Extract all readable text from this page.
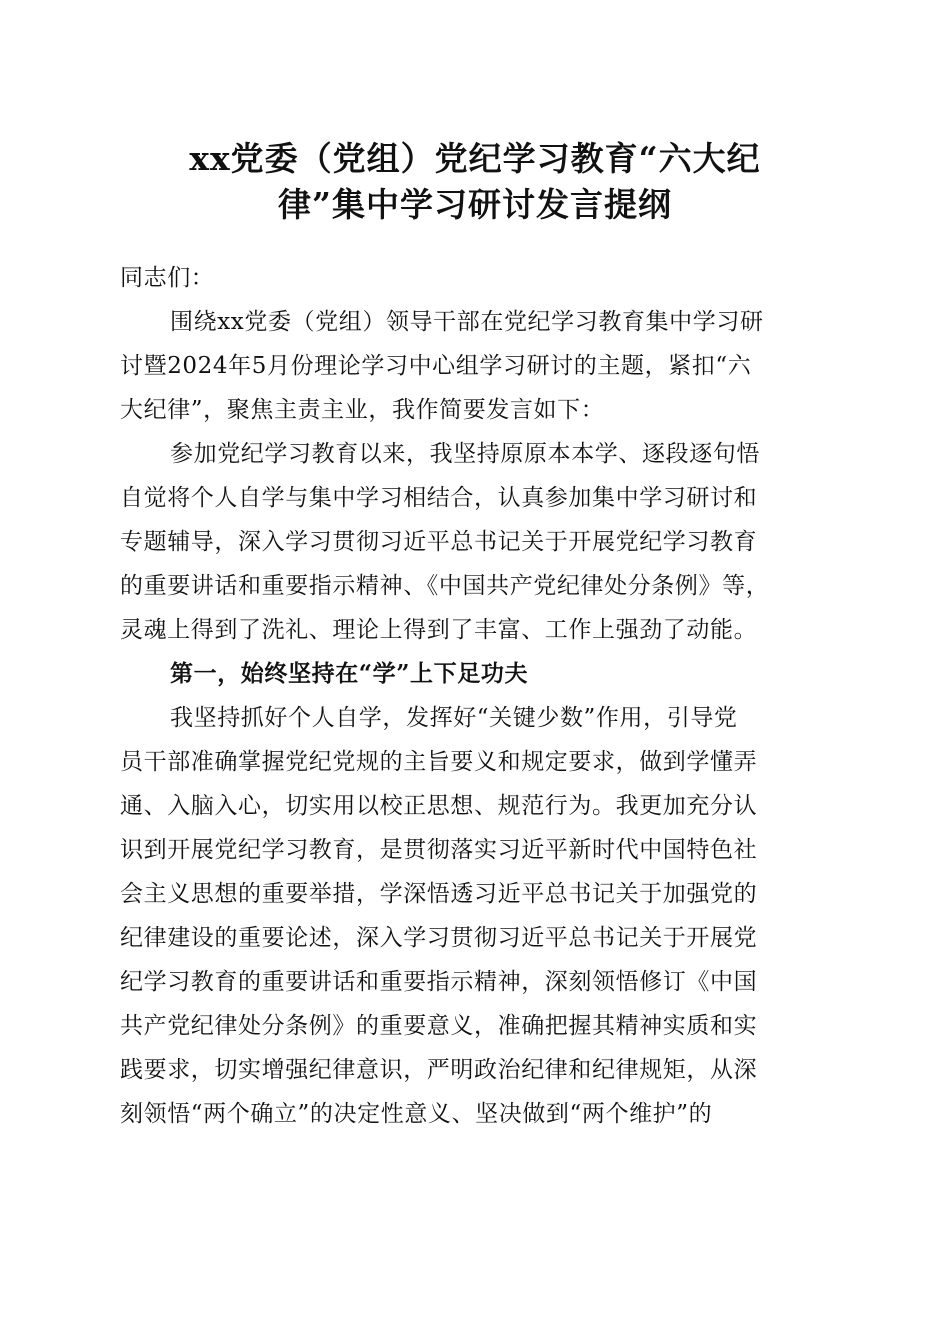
xx党委（党组）党纪学习教育“六大纪
律”集中学习研讨发言提纲
同志们：
围绕xx党委（党组）领导干部在党纪学习教育集中学习研
讨暨2024年5月份理论学习中心组学习研讨的主题，紧扣“六
大纪律”，聚焦主责主业，我作简要发言如下：
参加党纪学习教育以来，我坚持原原本本学、逐段逐句悟
自觉将个人自学与集中学习相结合，认真参加集中学习研讨和
专题辅导，深入学习贯彻习近平总书记关于开展党纪学习教育
的重要讲话和重要指示精神、《中国共产党纪律处分条例》等，
灵魂上得到了洗礼、理论上得到了丰富、工作上强劲了动能。
第一，始终坚持在“学”上下足功夫
我坚持抓好个人自学，发挥好“关键少数”作用，引导党
员干部准确掌握党纪党规的主旨要义和规定要求，做到学懂弄
通、入脑入心，切实用以校正思想、规范行为。我更加充分认
识到开展党纪学习教育，是贯彻落实习近平新时代中国特色社
会主义思想的重要举措，学深悟透习近平总书记关于加强党的
纪律建设的重要论述，深入学习贯彻习近平总书记关于开展党
纪学习教育的重要讲话和重要指示精神，深刻领悟修订《中国
共产党纪律处分条例》的重要意义，准确把握其精神实质和实
践要求，切实增强纪律意识，严明政治纪律和纪律规矩，从深
刻领悟“两个确立”的决定性意义、坚决做到“两个维护”的
